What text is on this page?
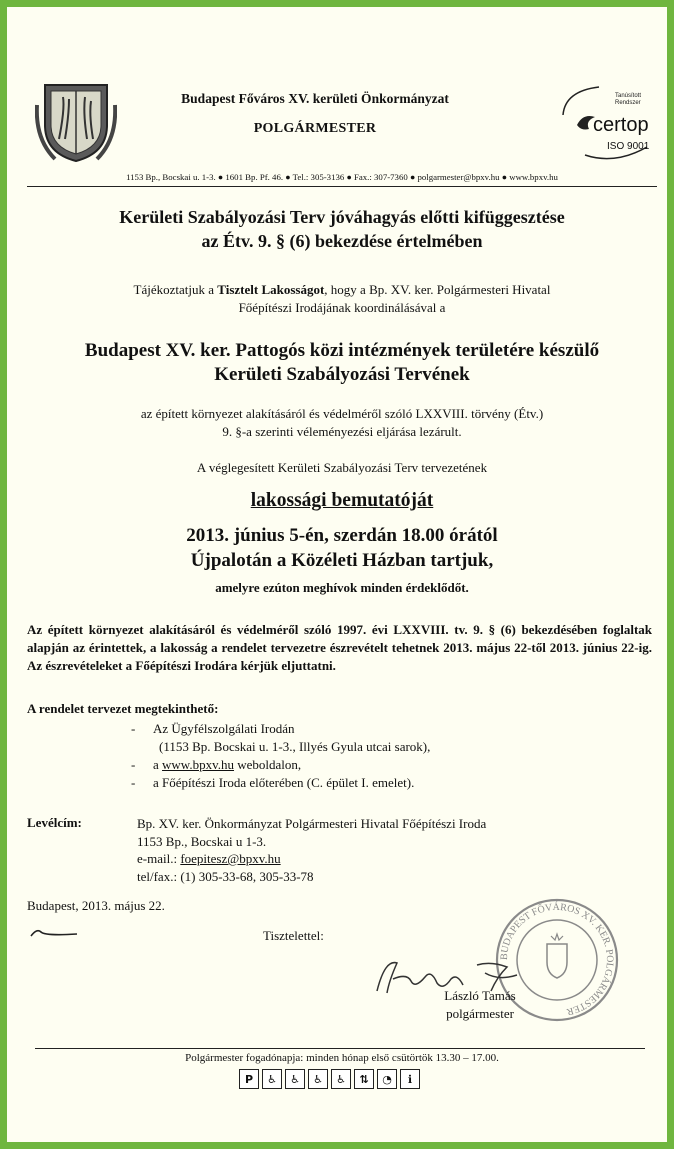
Budapest Főváros XV. kerületi Önkormányzat
POLGÁRMESTER
Tanúsított
Rendszer
certop
ISO 9001
1153 Bp., Bocskai u. 1-3. ● 1601 Bp. Pf. 46. ● Tel.: 305-3136 ● Fax.: 307-7360 ● polgarmester@bpxv.hu ● www.bpxv.hu
Kerületi Szabályozási Terv jóváhagyás előtti kifüggesztése
az Étv. 9. § (6) bekezdése értelmében
Tájékoztatjuk a Tisztelt Lakosságot, hogy a Bp. XV. ker. Polgármesteri Hivatal
Főépítészi Irodájának koordinálásával a
Budapest XV. ker. Pattogós közi intézmények területére készülő
Kerületi Szabályozási Tervének
az épített környezet alakításáról és védelméről szóló LXXVIII. törvény (Étv.)
9. §-a szerinti véleményezési eljárása lezárult.
A véglegesített Kerületi Szabályozási Terv tervezetének
lakossági bemutatóját
2013. június 5-én, szerdán 18.00 órától
Újpalotán a Közéleti Házban tartjuk,
amelyre ezúton meghívok minden érdeklődőt.
Az épített környezet alakításáról és védelméről szóló 1997. évi LXXVIII. tv. 9. § (6) bekezdésében foglaltak alapján az érintettek, a lakosság a rendelet tervezetre észrevételt tehetnek 2013. május 22-től 2013. június 22-ig. Az észrevételeket a Főépítészi Irodára kérjük eljuttatni.
A rendelet tervezet megtekinthető:
- Az Ügyfélszolgálati Irodán
(1153 Bp. Bocskai u. 1-3., Illyés Gyula utcai sarok),
- a www.bpxv.hu weboldalon,
- a Főépítészi Iroda előterében (C. épület I. emelet).
Levélcím:	Bp. XV. ker. Önkormányzat Polgármesteri Hivatal Főépítészi Iroda
1153 Bp., Bocskai u 1-3.
e-mail.: foepitesz@bpxv.hu
tel/fax.: (1) 305-33-68, 305-33-78
Budapest, 2013. május 22.
Tisztelettel:
BUDAPEST FŐVÁROS XV. KER. POLGÁRMESTER
László Tamás
polgármester
Polgármester fogadónapja: minden hónap első csütörtök 13.30 – 17.00.
P	♿	♿	♿	♿	⇅	◔	ℹ
